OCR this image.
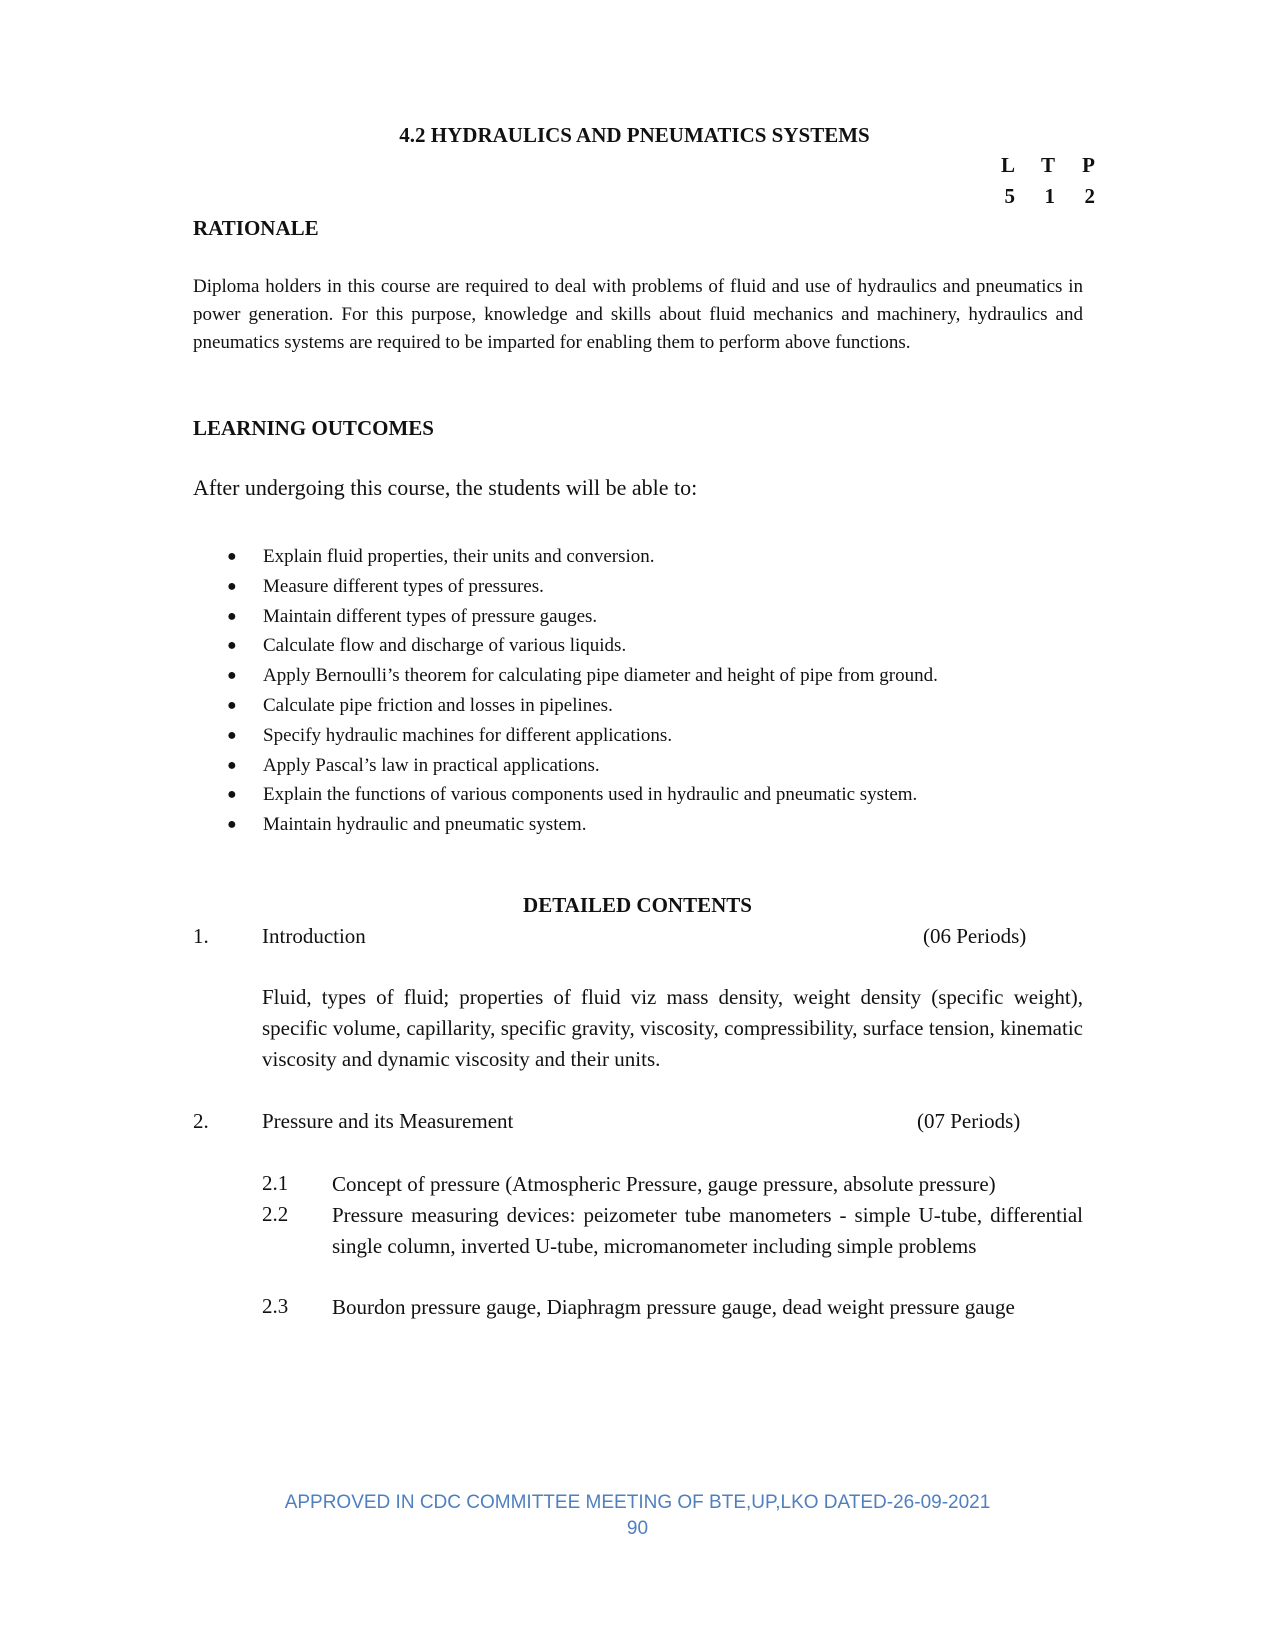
4.2 HYDRAULICS AND PNEUMATICS SYSTEMS
L	T	P
5	1	2
RATIONALE

Diploma holders in this course are required to deal with problems of fluid and use of hydraulics and pneumatics in power generation. For this purpose, knowledge and skills about fluid mechanics and machinery, hydraulics and pneumatics systems are required to be imparted for enabling them to perform above functions.

LEARNING OUTCOMES
After undergoing this course, the students will be able to:
● Explain fluid properties, their units and conversion.
● Measure different types of pressures.
● Maintain different types of pressure gauges.
● Calculate flow and discharge of various liquids.
● Apply Bernoulli’s theorem for calculating pipe diameter and height of pipe from ground.
● Calculate pipe friction and losses in pipelines.
● Specify hydraulic machines for different applications.
● Apply Pascal’s law in practical applications.
● Explain the functions of various components used in hydraulic and pneumatic system.
● Maintain hydraulic and pneumatic system.
DETAILED CONTENTS
1.	Introduction	(06 Periods)

Fluid, types of fluid; properties of fluid viz mass density, weight density (specific weight), specific volume, capillarity, specific gravity, viscosity, compressibility, surface tension, kinematic viscosity and dynamic viscosity and their units.

2.	Pressure and its Measurement	(07 Periods)
2.1 Concept of pressure (Atmospheric Pressure, gauge pressure, absolute pressure)

2.2 Pressure measuring devices: peizometer tube manometers - simple U-tube, differential single column, inverted U-tube, micromanometer including simple problems

2.3 Bourdon pressure gauge, Diaphragm pressure gauge, dead weight pressure gauge

APPROVED IN CDC COMMITTEE MEETING OF BTE,UP,LKO DATED-26-09-2021
90
